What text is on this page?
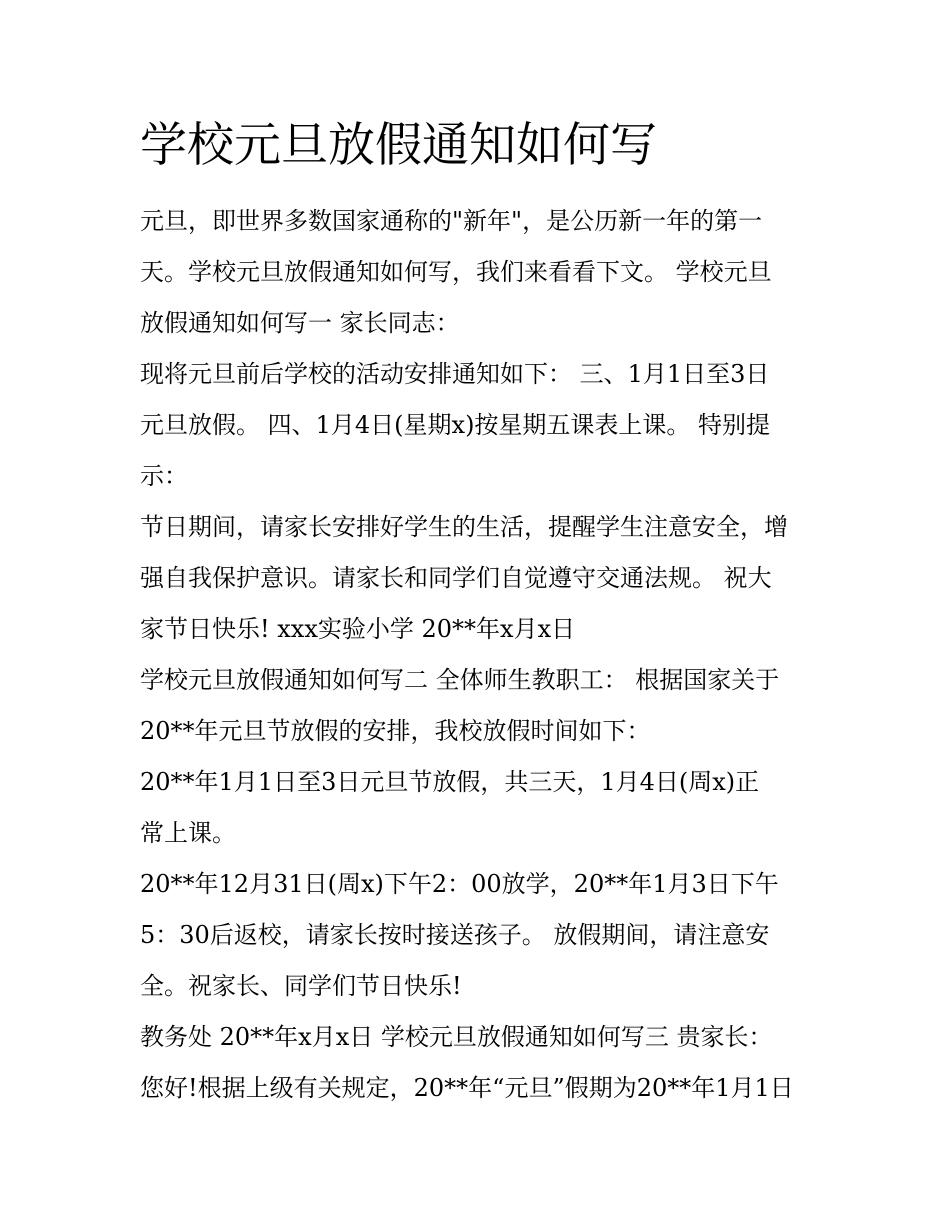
学校元旦放假通知如何写
元旦，即世界多数国家通称的"新年"，是公历新一年的第一
天。学校元旦放假通知如何写，我们来看看下文。 学校元旦
放假通知如何写一 家长同志：
现将元旦前后学校的活动安排通知如下： 三、1月1日至3日
元旦放假。 四、1月4日(星期x)按星期五课表上课。 特别提
示：
节日期间，请家长安排好学生的生活，提醒学生注意安全，增
强自我保护意识。请家长和同学们自觉遵守交通法规。 祝大
家节日快乐! xxx实验小学 20**年x月x日
学校元旦放假通知如何写二 全体师生教职工： 根据国家关于
20**年元旦节放假的安排，我校放假时间如下：
20**年1月1日至3日元旦节放假，共三天，1月4日(周x)正
常上课。
20**年12月31日(周x)下午2：00放学，20**年1月3日下午
5：30后返校，请家长按时接送孩子。 放假期间，请注意安
全。祝家长、同学们节日快乐!
教务处 20**年x月x日 学校元旦放假通知如何写三 贵家长：
您好!根据上级有关规定，20**年“元旦”假期为20**年1月1日
